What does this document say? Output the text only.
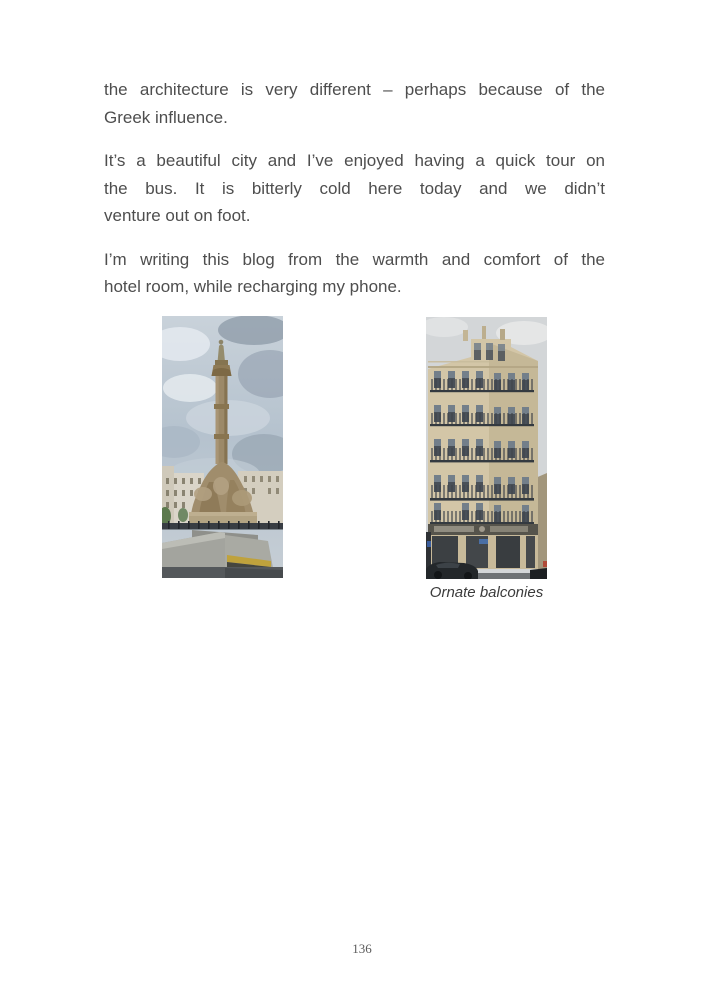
the architecture is very different – perhaps because of the
Greek influence.

It’s a beautiful city and I’ve enjoyed having a quick tour on
the bus. It is bitterly cold here today and we didn’t
venture out on foot.

I’m writing this blog from the warmth and comfort of the
hotel room, while recharging my phone.

Ornate balconies
136
